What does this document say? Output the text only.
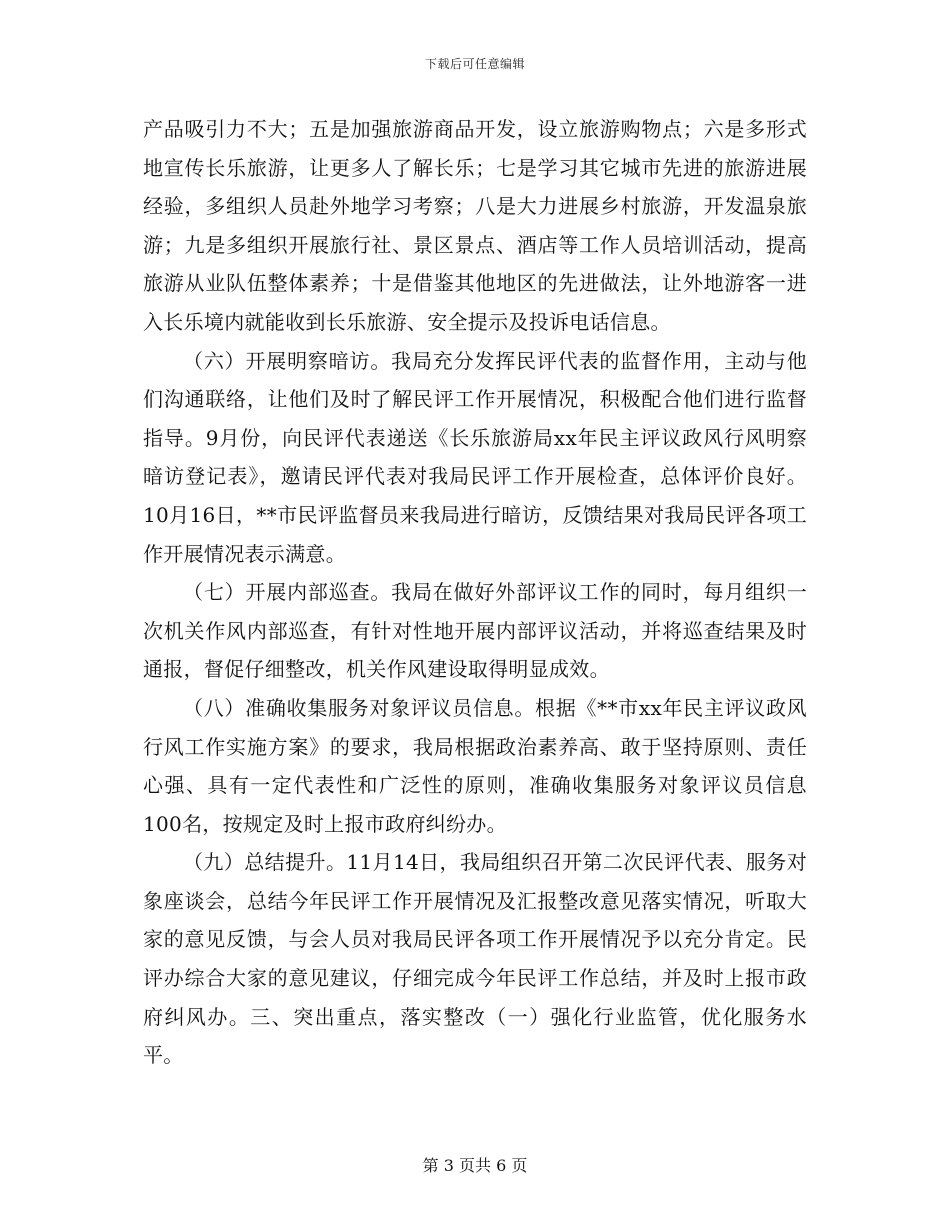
下载后可任意编辑

产品吸引力不大；五是加强旅游商品开发，设立旅游购物点；六是多形式地宣传长乐旅游，让更多人了解长乐；七是学习其它城市先进的旅游进展经验，多组织人员赴外地学习考察；八是大力进展乡村旅游，开发温泉旅游；九是多组织开展旅行社、景区景点、酒店等工作人员培训活动，提高旅游从业队伍整体素养；十是借鉴其他地区的先进做法，让外地游客一进入长乐境内就能收到长乐旅游、安全提示及投诉电话信息。

（六）开展明察暗访。我局充分发挥民评代表的监督作用，主动与他们沟通联络，让他们及时了解民评工作开展情况，积极配合他们进行监督指导。9月份，向民评代表递送《长乐旅游局xx年民主评议政风行风明察暗访登记表》，邀请民评代表对我局民评工作开展检查，总体评价良好。10月16日，**市民评监督员来我局进行暗访，反馈结果对我局民评各项工作开展情况表示满意。

（七）开展内部巡查。我局在做好外部评议工作的同时，每月组织一次机关作风内部巡查，有针对性地开展内部评议活动，并将巡查结果及时通报，督促仔细整改，机关作风建设取得明显成效。

（八）准确收集服务对象评议员信息。根据《**市xx年民主评议政风行风工作实施方案》的要求，我局根据政治素养高、敢于坚持原则、责任心强、具有一定代表性和广泛性的原则，准确收集服务对象评议员信息100名，按规定及时上报市政府纠纷办。

（九）总结提升。11月14日，我局组织召开第二次民评代表、服务对象座谈会，总结今年民评工作开展情况及汇报整改意见落实情况，听取大家的意见反馈，与会人员对我局民评各项工作开展情况予以充分肯定。民评办综合大家的意见建议，仔细完成今年民评工作总结，并及时上报市政府纠风办。三、突出重点，落实整改（一）强化行业监管，优化服务水平。

第 3 页共 6 页
